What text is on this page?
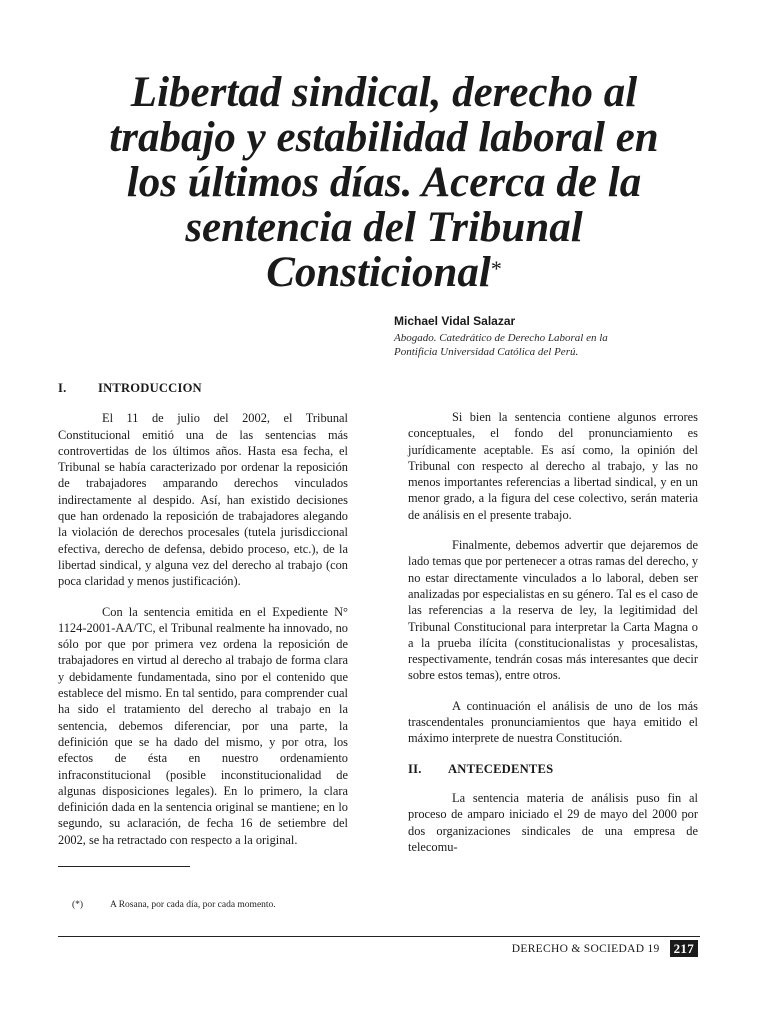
Libertad sindical, derecho al
trabajo y estabilidad laboral en
los últimos días. Acerca de la
sentencia del Tribunal
Consticional*

Michael Vidal Salazar

Abogado. Catedrático de Derecho Laboral en la
Pontificia Universidad Católica del Perú.

I.	INTRODUCCION

El 11 de julio del 2002, el Tribunal Constitucional emitió una de las sentencias más controvertidas de los últimos años. Hasta esa fecha, el Tribunal se había caracterizado por ordenar la reposición de trabajadores amparando derechos vinculados indirectamente al despido. Así, han existido decisiones que han ordenado la reposición de trabajadores alegando la violación de derechos procesales (tutela jurisdiccional efectiva, derecho de defensa, debido proceso, etc.), de la libertad sindical, y alguna vez del derecho al trabajo (con poca claridad y menos justificación).

Con la sentencia emitida en el Expediente N° 1124-2001-AA/TC, el Tribunal realmente ha innovado, no sólo por que por primera vez ordena la reposición de trabajadores en virtud al derecho al trabajo de forma clara y debidamente fundamentada, sino por el contenido que establece del mismo. En tal sentido, para comprender cual ha sido el tratamiento del derecho al trabajo en la sentencia, debemos diferenciar, por una parte, la definición que se ha dado del mismo, y por otra, los efectos de ésta en nuestro ordenamiento infraconstitucional (posible inconstitucionalidad de algunas disposiciones legales). En lo primero, la clara definición dada en la sentencia original se mantiene; en lo segundo, su aclaración, de fecha 16 de setiembre del 2002, se ha retractado con respecto a la original.

Si bien la sentencia contiene algunos errores conceptuales, el fondo del pronunciamiento es jurídicamente aceptable. Es así como, la opinión del Tribunal con respecto al derecho al trabajo, y las no menos importantes referencias a libertad sindical, y en un menor grado, a la figura del cese colectivo, serán materia de análisis en el presente trabajo.

Finalmente, debemos advertir que dejaremos de lado temas que por pertenecer a otras ramas del derecho, y no estar directamente vinculados a lo laboral, deben ser analizadas por especialistas en su género. Tal es el caso de las referencias a la reserva de ley, la legitimidad del Tribunal Constitucional para interpretar la Carta Magna o a la prueba ilícita (constitucionalistas y procesalistas, respectivamente, tendrán cosas más interesantes que decir sobre estos temas), entre otros.

A continuación el análisis de uno de los más trascendentales pronunciamientos que haya emitido el máximo interprete de nuestra Constitución.

II. ANTECEDENTES

La sentencia materia de análisis puso fin al proceso de amparo iniciado el 29 de mayo del 2000 por dos organizaciones sindicales de una empresa de telecomu-

(*)	A Rosana, por cada día, por cada momento.
DERECHO & SOCIEDAD 19	217
